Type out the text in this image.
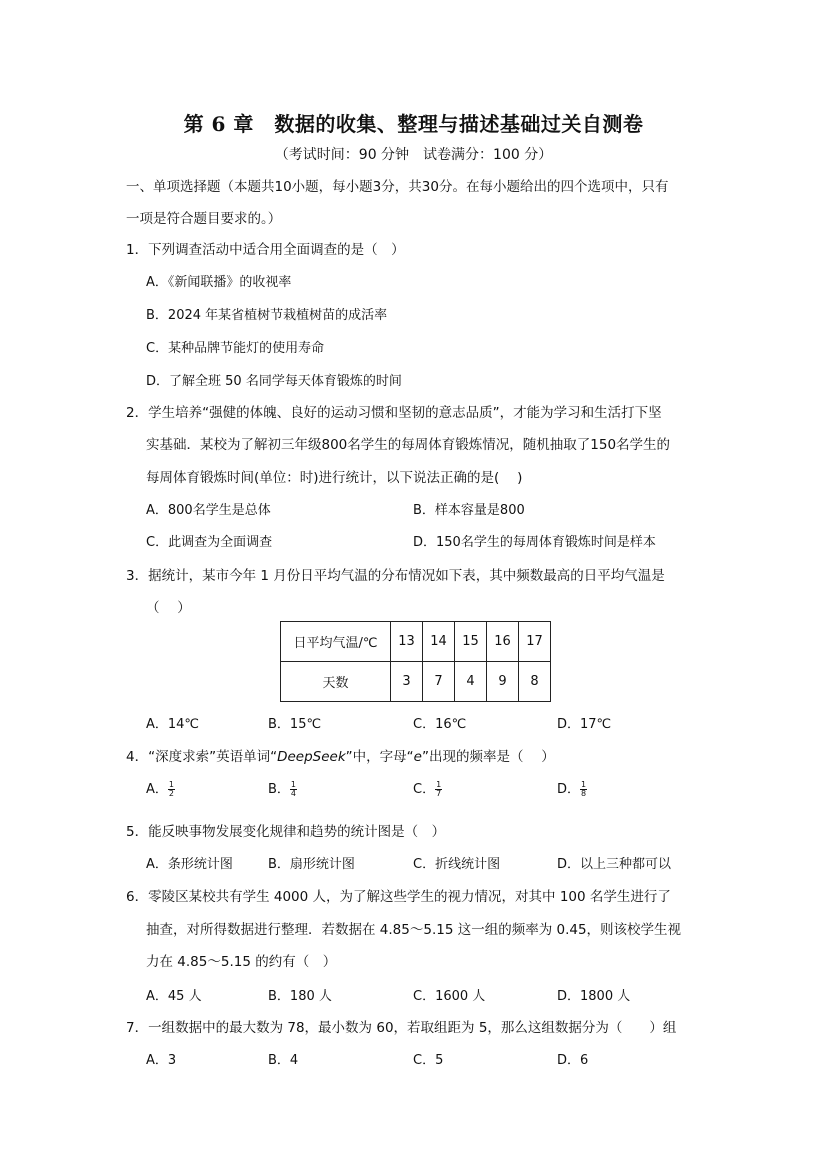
第 6 章　数据的收集、整理与描述基础过关自测卷
（考试时间：90 分钟　试卷满分：100 分）
一、单项选择题（本题共10小题，每小题3分，共30分。在每小题给出的四个选项中，只有
一项是符合题目要求的。）
1．下列调查活动中适合用全面调查的是（　）
A．《新闻联播》的收视率
B．2024 年某省植树节栽植树苗的成活率
C．某种品牌节能灯的使用寿命
D．了解全班 50 名同学每天体育锻炼的时间
2．学生培养“强健的体魄、良好的运动习惯和坚韧的意志品质”，才能为学习和生活打下坚
实基础．某校为了解初三年级800名学生的每周体育锻炼情况，随机抽取了150名学生的
每周体育锻炼时间(单位：时)进行统计，以下说法正确的是(　 )
A．800名学生是总体	B．样本容量是800
C．此调查为全面调查	D．150名学生的每周体育锻炼时间是样本
3．据统计，某市今年 1 月份日平均气温的分布情况如下表，其中频数最高的日平均气温是
（　 ）
日平均气温/℃	13	14	15	16	17
天数	3	7	4	9	8
A．14℃	B．15℃	C．16℃	D．17℃
4．“深度求索”英语单词“DeepSeek”中，字母“e”出现的频率是（　 ）
A． $\frac{1}{2}$	B． $\frac{1}{4}$	C． $\frac{1}{7}$	D． $\frac{1}{8}$
5．能反映事物发展变化规律和趋势的统计图是（　）
A．条形统计图	B．扇形统计图	C．折线统计图	D．以上三种都可以
6．零陵区某校共有学生 4000 人，为了解这些学生的视力情况，对其中 100 名学生进行了
抽查，对所得数据进行整理．若数据在 4.85～5.15 这一组的频率为 0.45，则该校学生视
力在 4.85～5.15 的约有（　）
A．45 人	B．180 人	C．1600 人	D．1800 人
7．一组数据中的最大数为 78，最小数为 60，若取组距为 5，那么这组数据分为（　　）组
A．3	B．4	C．5	D．6
